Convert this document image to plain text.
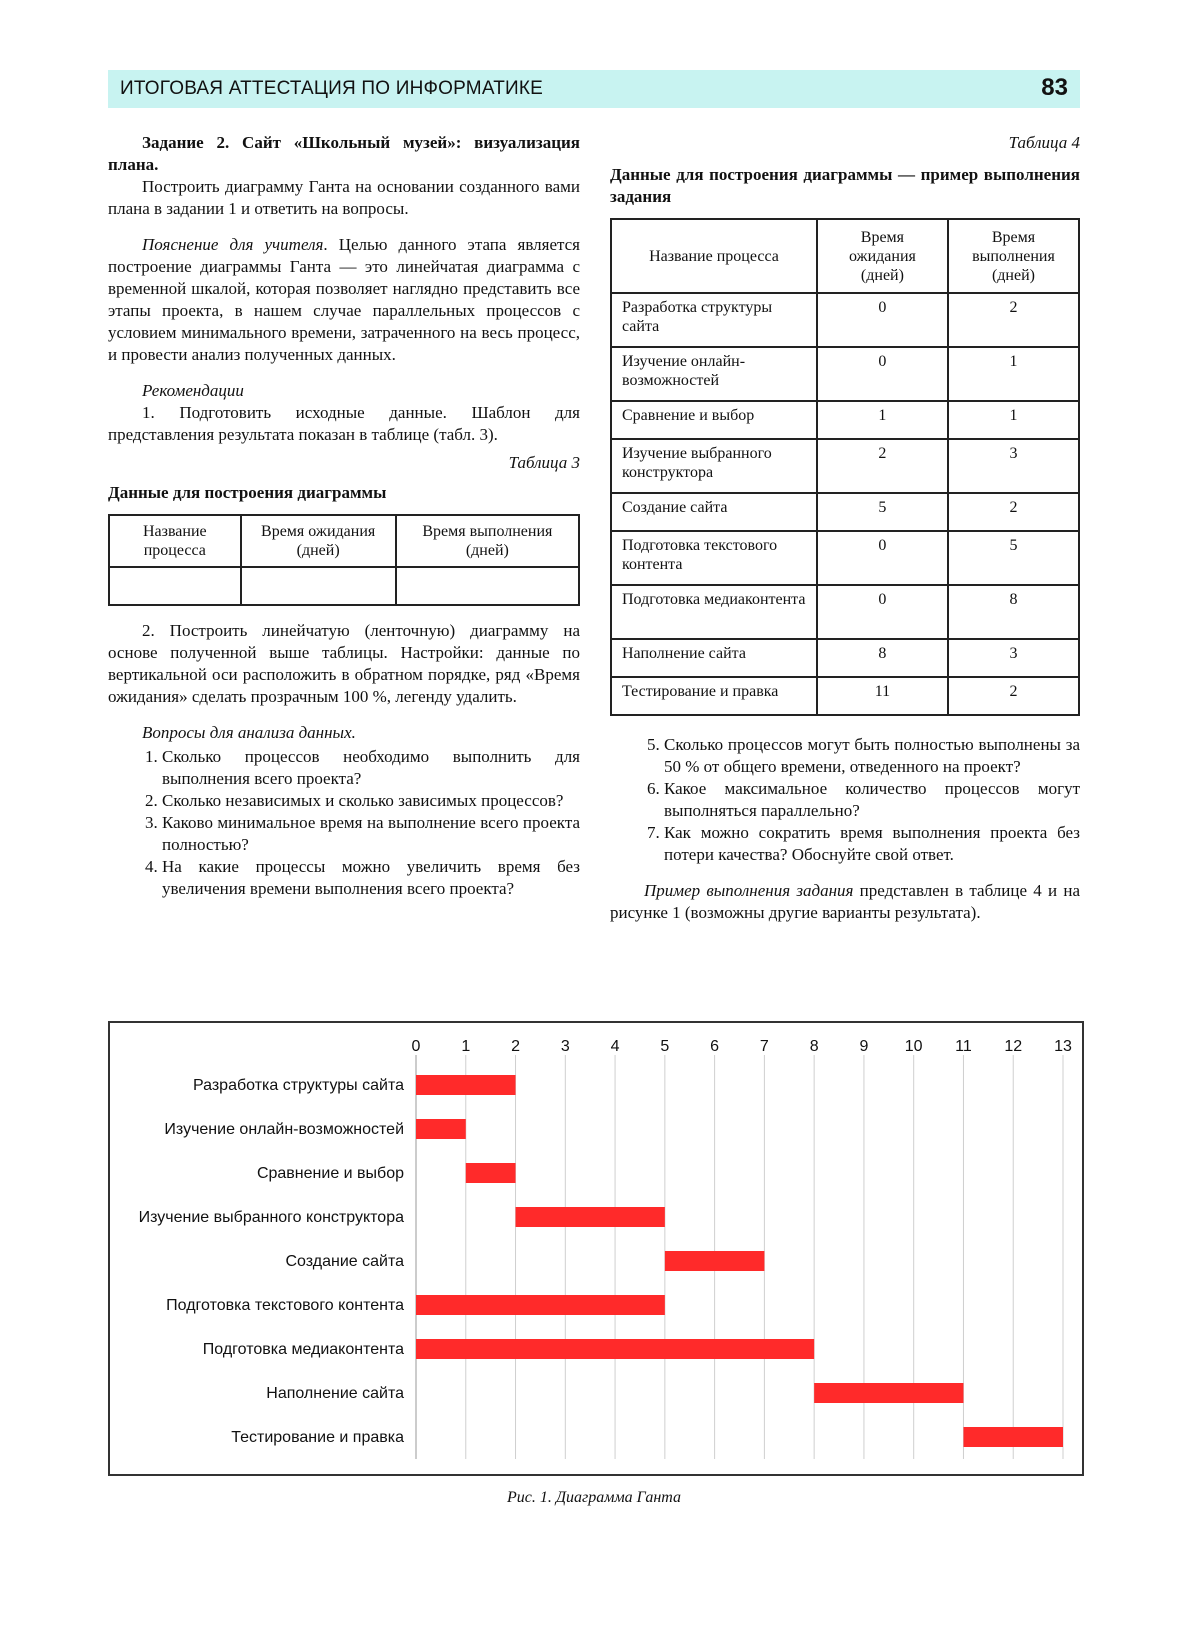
ИТОГОВАЯ АТТЕСТАЦИЯ ПО ИНФОРМАТИКЕ	83

Задание 2. Сайт «Школьный музей»: визуализация плана.

Построить диаграмму Ганта на основании созданного вами плана в задании 1 и ответить на вопросы.

Пояснение для учителя. Целью данного этапа является построение диаграммы Ганта — это линейчатая диаграмма с временной шкалой, которая позволяет наглядно представить все этапы проекта, в нашем случае параллельных процессов с условием минимального времени, затраченного на весь процесс, и провести анализ полученных данных.

Рекомендации

1. Подготовить исходные данные. Шаблон для представления результата показан в таблице (табл. 3).

Таблица 3

Данные для построения диаграммы

Название процесса	Время ожидания (дней)	Время выполнения (дней)

2. Построить линейчатую (ленточную) диаграмму на основе полученной выше таблицы. Настройки: данные по вертикальной оси расположить в обратном порядке, ряд «Время ожидания» сделать прозрачным 100 %, легенду удалить.

Вопросы для анализа данных.

1. Сколько процессов необходимо выполнить для выполнения всего проекта?
2. Сколько независимых и сколько зависимых процессов?
3. Каково минимальное время на выполнение всего проекта полностью?
4. На какие процессы можно увеличить время без увеличения времени выполнения всего проекта?

Таблица 4

Данные для построения диаграммы — пример выполнения задания

Название процесса	Время ожидания (дней)	Время выполнения (дней)
Разработка структуры сайта	0	2
Изучение онлайн-возможностей	0	1
Сравнение и выбор	1	1
Изучение выбранного конструктора	2	3
Создание сайта	5	2
Подготовка текстового контента	0	5
Подготовка медиаконтента	0	8
Наполнение сайта	8	3
Тестирование и правка	11	2
5. Сколько процессов могут быть полностью выполнены за 50 % от общего времени, отведенного на проект?
6. Какое максимальное количество процессов могут выполняться параллельно?
7. Как можно сократить время выполнения проекта без потери качества? Обоснуйте свой ответ.

Пример выполнения задания представлен в таблице 4 и на рисунке 1 (возможны другие варианты результата).

0	1	2	3	4	5	6	7	8	9 10 11 12 13
Разработка структуры сайта
Изучение онлайн-возможностей
Сравнение и выбор
Изучение выбранного конструктора
Создание сайта
Подготовка текстового контента
Подготовка медиаконтента
Наполнение сайта
Тестирование и правка
Рис. 1. Диаграмма Ганта
